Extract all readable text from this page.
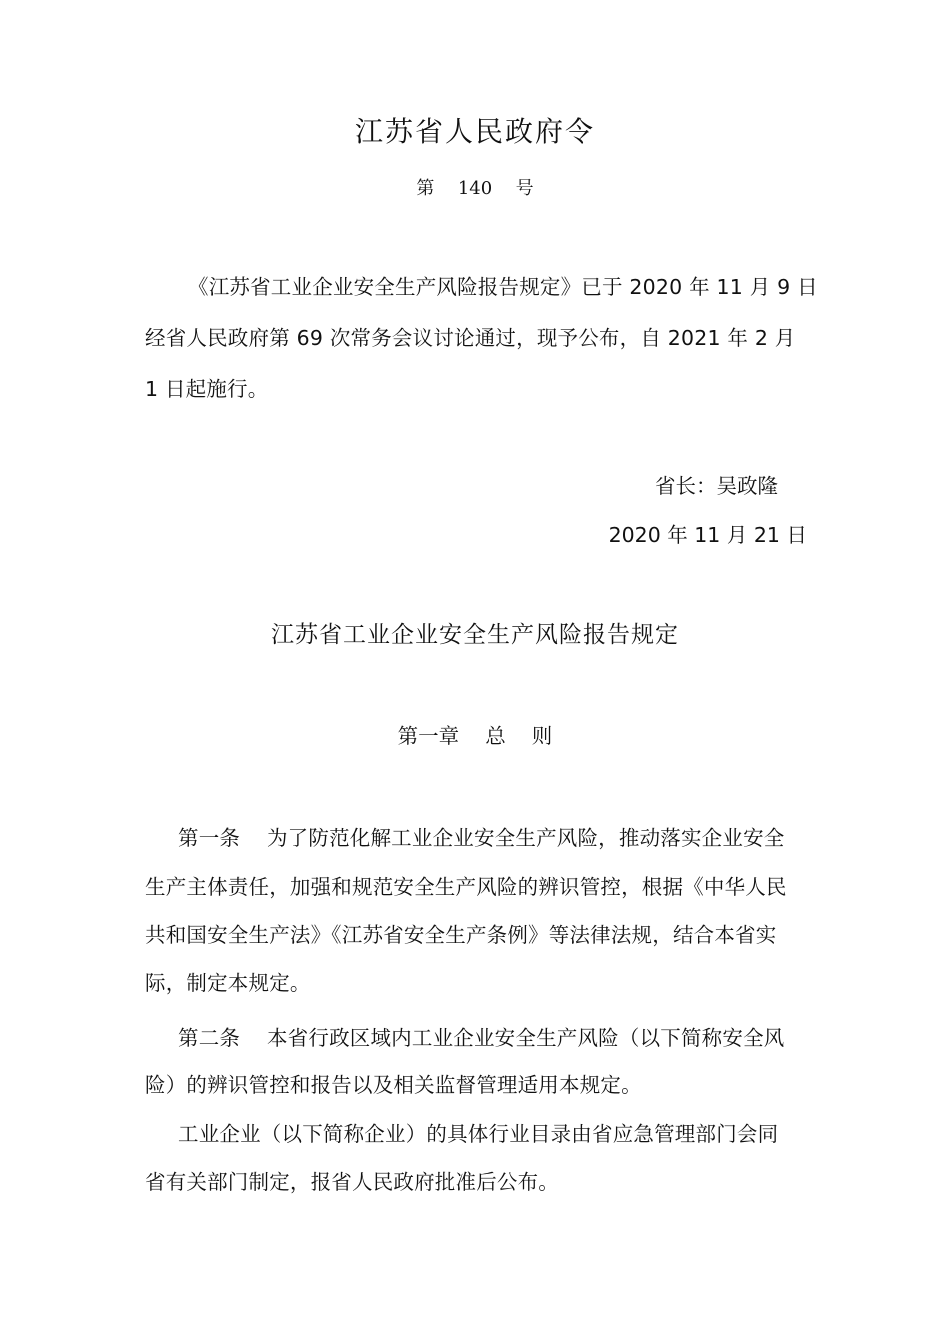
江苏省人民政府令
第  140  号
《江苏省工业企业安全生产风险报告规定》已于 2020 年 11 月 9 日
经省人民政府第 69 次常务会议讨论通过，现予公布，自 2021 年 2 月
1 日起施行。
省长：吴政隆
2020 年 11 月 21 日
江苏省工业企业安全生产风险报告规定
第一章    总    则
第一条    为了防范化解工业企业安全生产风险，推动落实企业安全
生产主体责任，加强和规范安全生产风险的辨识管控，根据《中华人民
共和国安全生产法》《江苏省安全生产条例》等法律法规，结合本省实
际，制定本规定。
第二条    本省行政区域内工业企业安全生产风险（以下简称安全风
险）的辨识管控和报告以及相关监督管理适用本规定。
工业企业（以下简称企业）的具体行业目录由省应急管理部门会同
省有关部门制定，报省人民政府批准后公布。
